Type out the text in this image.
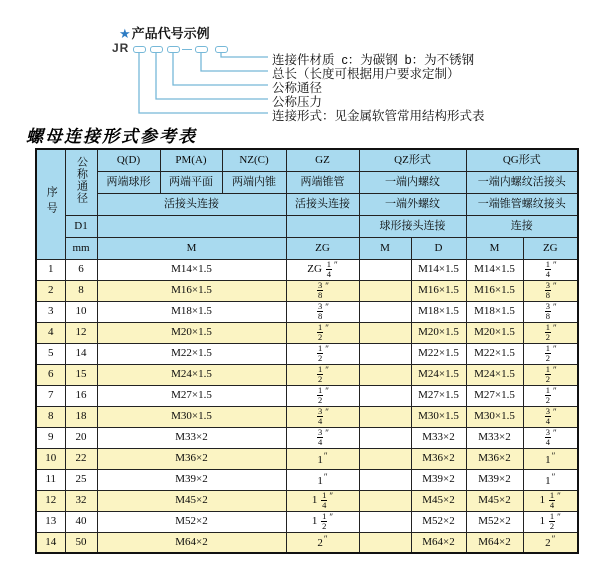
★产品代号示例
JR
连接件材质  c：为碳钢  b：为不锈钢
总长（长度可根据用户要求定制）
公称通径
公称压力
连接形式：见金属软管常用结构形式表
螺母连接形式参考表
序号	公称通径	Q(D)	PM(A)	NZ(C)	GZ	QZ形式		QG形式	
		两端球形	两端平面	两端内锥	两端锥管	一端内螺纹		一端内螺纹活接头	
		活接头连接			活接头连接	一端外螺纹		一端锥管螺纹接头	
	D1					球形接头连接		连接	
	mm	M			ZG	M	D	M	ZG
1	6	M14×1.5			ZG $\frac{1}{4} ''$		M14×1.5	M14×1.5	$\frac{1}{4} ''$
2	8	M16×1.5			$\frac{3}{8} ''$		M16×1.5	M16×1.5	$\frac{3}{8} ''$
3	10	M18×1.5			$\frac{3}{8} ''$		M18×1.5	M18×1.5	$\frac{3}{8} ''$
4	12	M20×1.5			$\frac{1}{2} ''$		M20×1.5	M20×1.5	$\frac{1}{2} ''$
5	14	M22×1.5			$\frac{1}{2} ''$		M22×1.5	M22×1.5	$\frac{1}{2} ''$
6	15	M24×1.5			$\frac{1}{2} ''$		M24×1.5	M24×1.5	$\frac{1}{2} ''$
7	16	M27×1.5			$\frac{1}{2} ''$		M27×1.5	M27×1.5	$\frac{1}{2} ''$
8	18	M30×1.5			$\frac{3}{4} ''$		M30×1.5	M30×1.5	$\frac{3}{4} ''$
9	20	M33×2			$\frac{3}{4} ''$		M33×2	M33×2	$\frac{3}{4} ''$
10	22	M36×2			1″		M36×2	M36×2	1″
11	25	M39×2			1″		M39×2	M39×2	1″
12	32	M45×2			$1 \frac{1}{4} ''$		M45×2	M45×2	$1 \frac{1}{4} ''$
13	40	M52×2			$1 \frac{1}{2} ''$		M52×2	M52×2	$1 \frac{1}{2} ''$
14	50	M64×2			2″		M64×2	M64×2	2″
